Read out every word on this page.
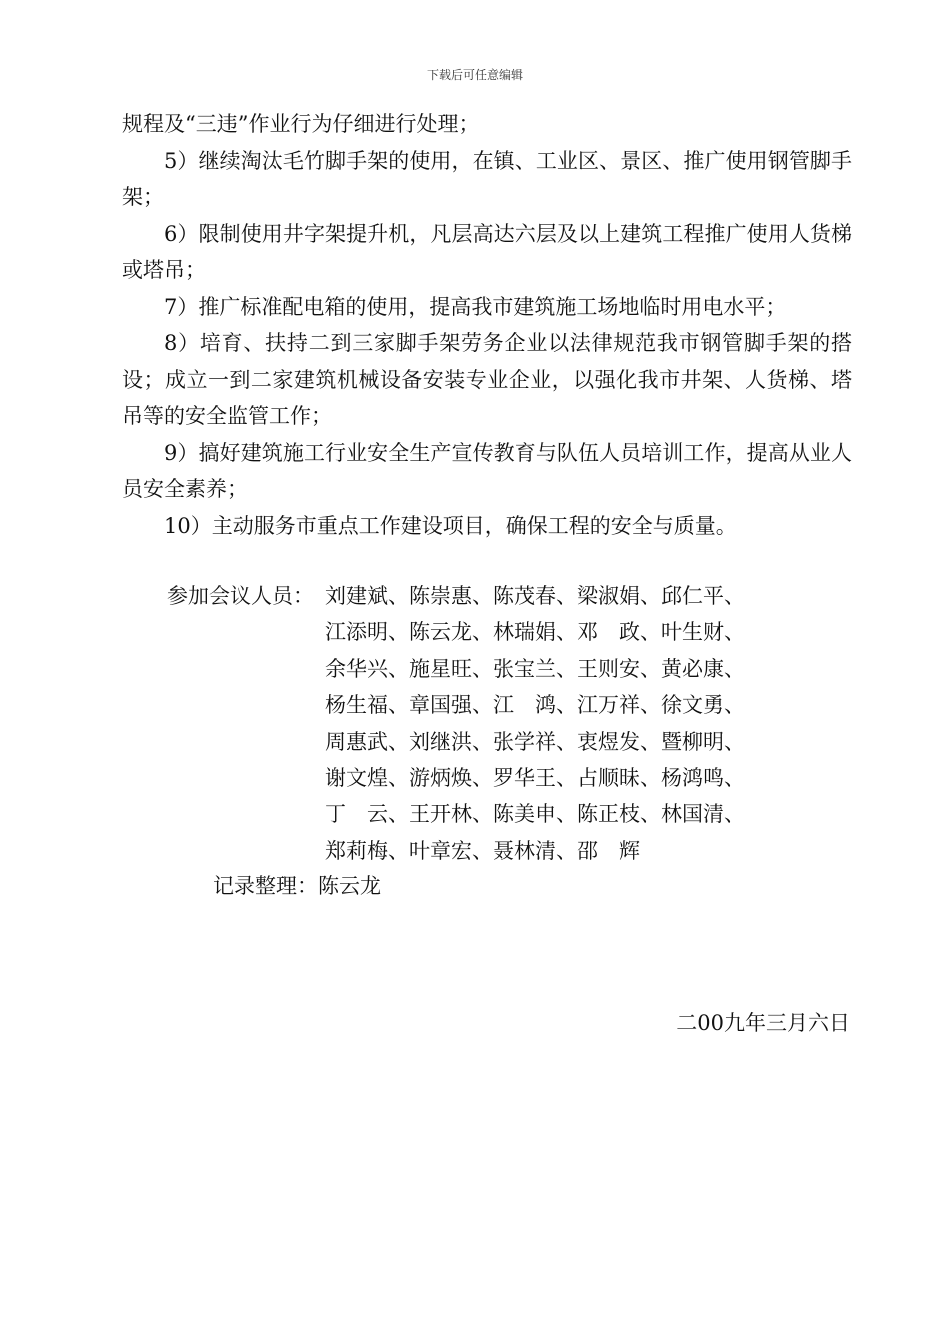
下载后可任意编辑

规程及“三违”作业行为仔细进行处理；

5）继续淘汰毛竹脚手架的使用，在镇、工业区、景区、推广使用钢管脚手架；

6）限制使用井字架提升机，凡层高达六层及以上建筑工程推广使用人货梯或塔吊；

7）推广标准配电箱的使用，提高我市建筑施工场地临时用电水平；

8）培育、扶持二到三家脚手架劳务企业以法律规范我市钢管脚手架的搭设；成立一到二家建筑机械设备安装专业企业，以强化我市井架、人货梯、塔吊等的安全监管工作；

9）搞好建筑施工行业安全生产宣传教育与队伍人员培训工作，提高从业人员安全素养；

10）主动服务市重点工作建设项目，确保工程的安全与质量。

参加会议人员： 刘建斌、陈崇惠、陈茂春、梁淑娟、邱仁平、
江添明、陈云龙、林瑞娟、邓　政、叶生财、
余华兴、施星旺、张宝兰、王则安、黄必康、
杨生福、章国强、江　鸿、江万祥、徐文勇、
周惠武、刘继洪、张学祥、衷煜发、暨柳明、
谢文煌、游炳焕、罗华王、占顺昧、杨鸿鸣、
丁　云、王开林、陈美申、陈正枝、林国清、
郑莉梅、叶章宏、聂林清、邵　辉
记录整理：陈云龙
二00九年三月六日
